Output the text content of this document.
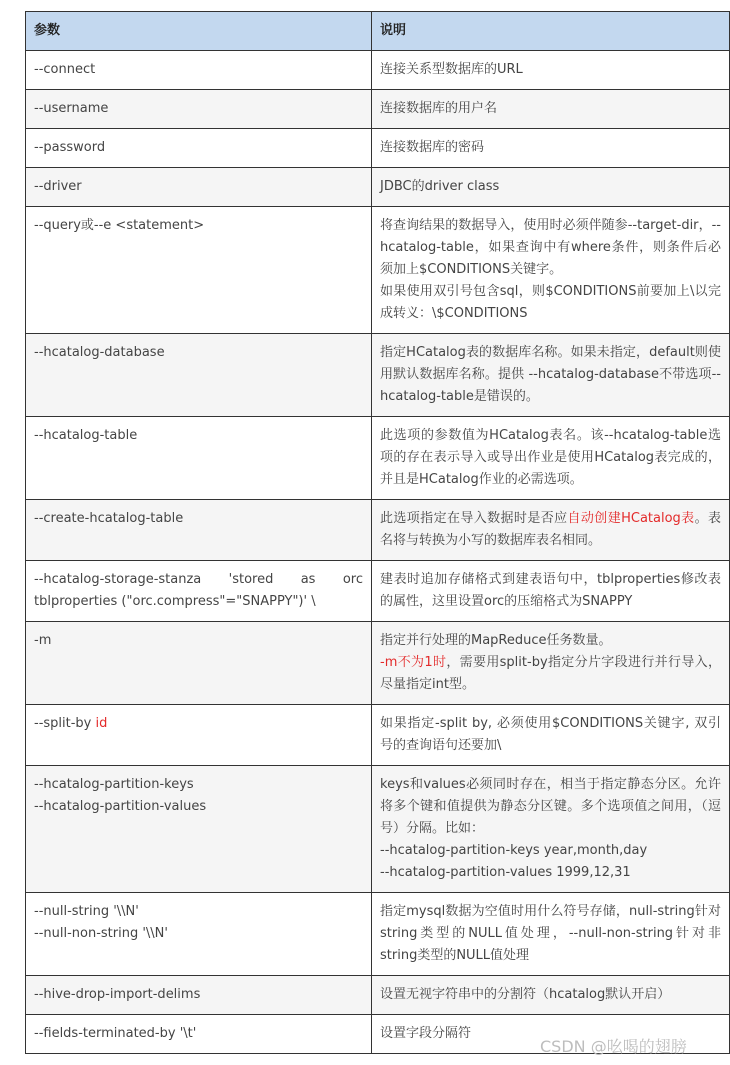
参数	说明

--connect	连接关系型数据库的URL

--username	连接数据库的用户名

--password	连接数据库的密码

--driver	JDBC的driver class

--query或--e <statement>	将查询结果的数据导入，使用时必须伴随参--target-dir，--hcatalog-table，如果查询中有where条件，则条件后必须加上$CONDITIONS关键字。
如果使用双引号包含sql，则$CONDITIONS前要加上\以完成转义：\$CONDITIONS

--hcatalog-database	指定HCatalog表的数据库名称。如果未指定，default则使用默认数据库名称。提供 --hcatalog-database不带选项--hcatalog-table是错误的。

--hcatalog-table	此选项的参数值为HCatalog表名。该--hcatalog-table选项的存在表示导入或导出作业是使用HCatalog表完成的，并且是HCatalog作业的必需选项。

--create-hcatalog-table	此选项指定在导入数据时是否应自动创建HCatalog表。表名将与转换为小写的数据库表名相同。

--hcatalog-storage-stanza 'stored as orc tblproperties ("orc.compress"="SNAPPY")' \	建表时追加存储格式到建表语句中，tblproperties修改表的属性，这里设置orc的压缩格式为SNAPPY

-m	指定并行处理的MapReduce任务数量。
-m不为1时，需要用split-by指定分片字段进行并行导入，尽量指定int型。
--split-by id	如果指定-split by, 必须使用$CONDITIONS关键字, 双引号的查询语句还要加\

--hcatalog-partition-keys
--hcatalog-partition-values	keys和values必须同时存在，相当于指定静态分区。允许将多个键和值提供为静态分区键。多个选项值之间用，（逗号）分隔。比如：
--hcatalog-partition-keys year,month,day
--hcatalog-partition-values 1999,12,31

--null-string '\\N'
--null-non-string '\\N'	指定mysql数据为空值时用什么符号存储，null-string针对string类型的NULL值处理，--null-non-string针对非string类型的NULL值处理

--hive-drop-import-delims	设置无视字符串中的分割符（hcatalog默认开启）

--fields-terminated-by '\t'	设置字段分隔符
CSDN @吆喝的翅膀
